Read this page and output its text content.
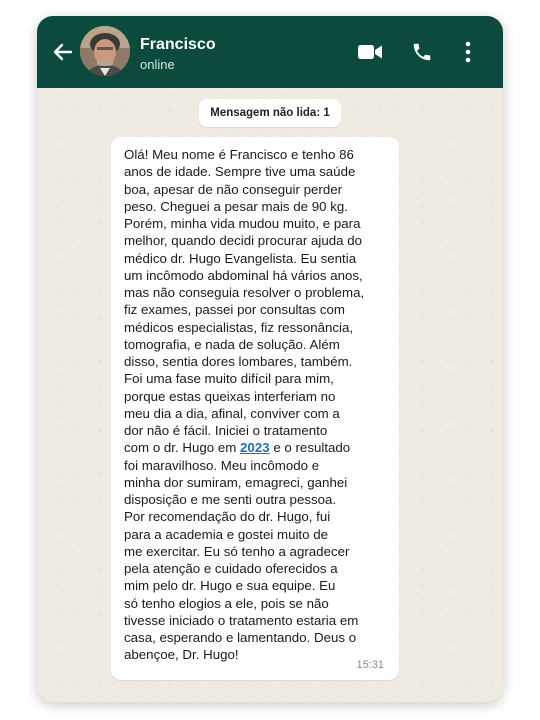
Francisco
online
Mensagem não lida: 1
Olá! Meu nome é Francisco e tenho 86
anos de idade. Sempre tive uma saúde
boa, apesar de não conseguir perder
peso. Cheguei a pesar mais de 90 kg.
Porém, minha vida mudou muito, e para
melhor, quando decidi procurar ajuda do
médico dr. Hugo Evangelista. Eu sentia
um incômodo abdominal há vários anos,
mas não conseguia resolver o problema,
fiz exames, passei por consultas com
médicos especialistas, fiz ressonância,
tomografia, e nada de solução. Além
disso, sentia dores lombares, também.
Foi uma fase muito difícil para mim,
porque estas queixas interferiam no
meu dia a dia, afinal, conviver com a
dor não é fácil. Iniciei o tratamento
com o dr. Hugo em 2023 e o resultado
foi maravilhoso. Meu incômodo e
minha dor sumiram, emagreci, ganhei
disposição e me senti outra pessoa.
Por recomendação do dr. Hugo, fui
para a academia e gostei muito de
me exercitar. Eu só tenho a agradecer
pela atenção e cuidado oferecidos a
mim pelo dr. Hugo e sua equipe. Eu
só tenho elogios a ele, pois se não
tivesse iniciado o tratamento estaria em
casa, esperando e lamentando. Deus o
abençoe, Dr. Hugo!
15:31
